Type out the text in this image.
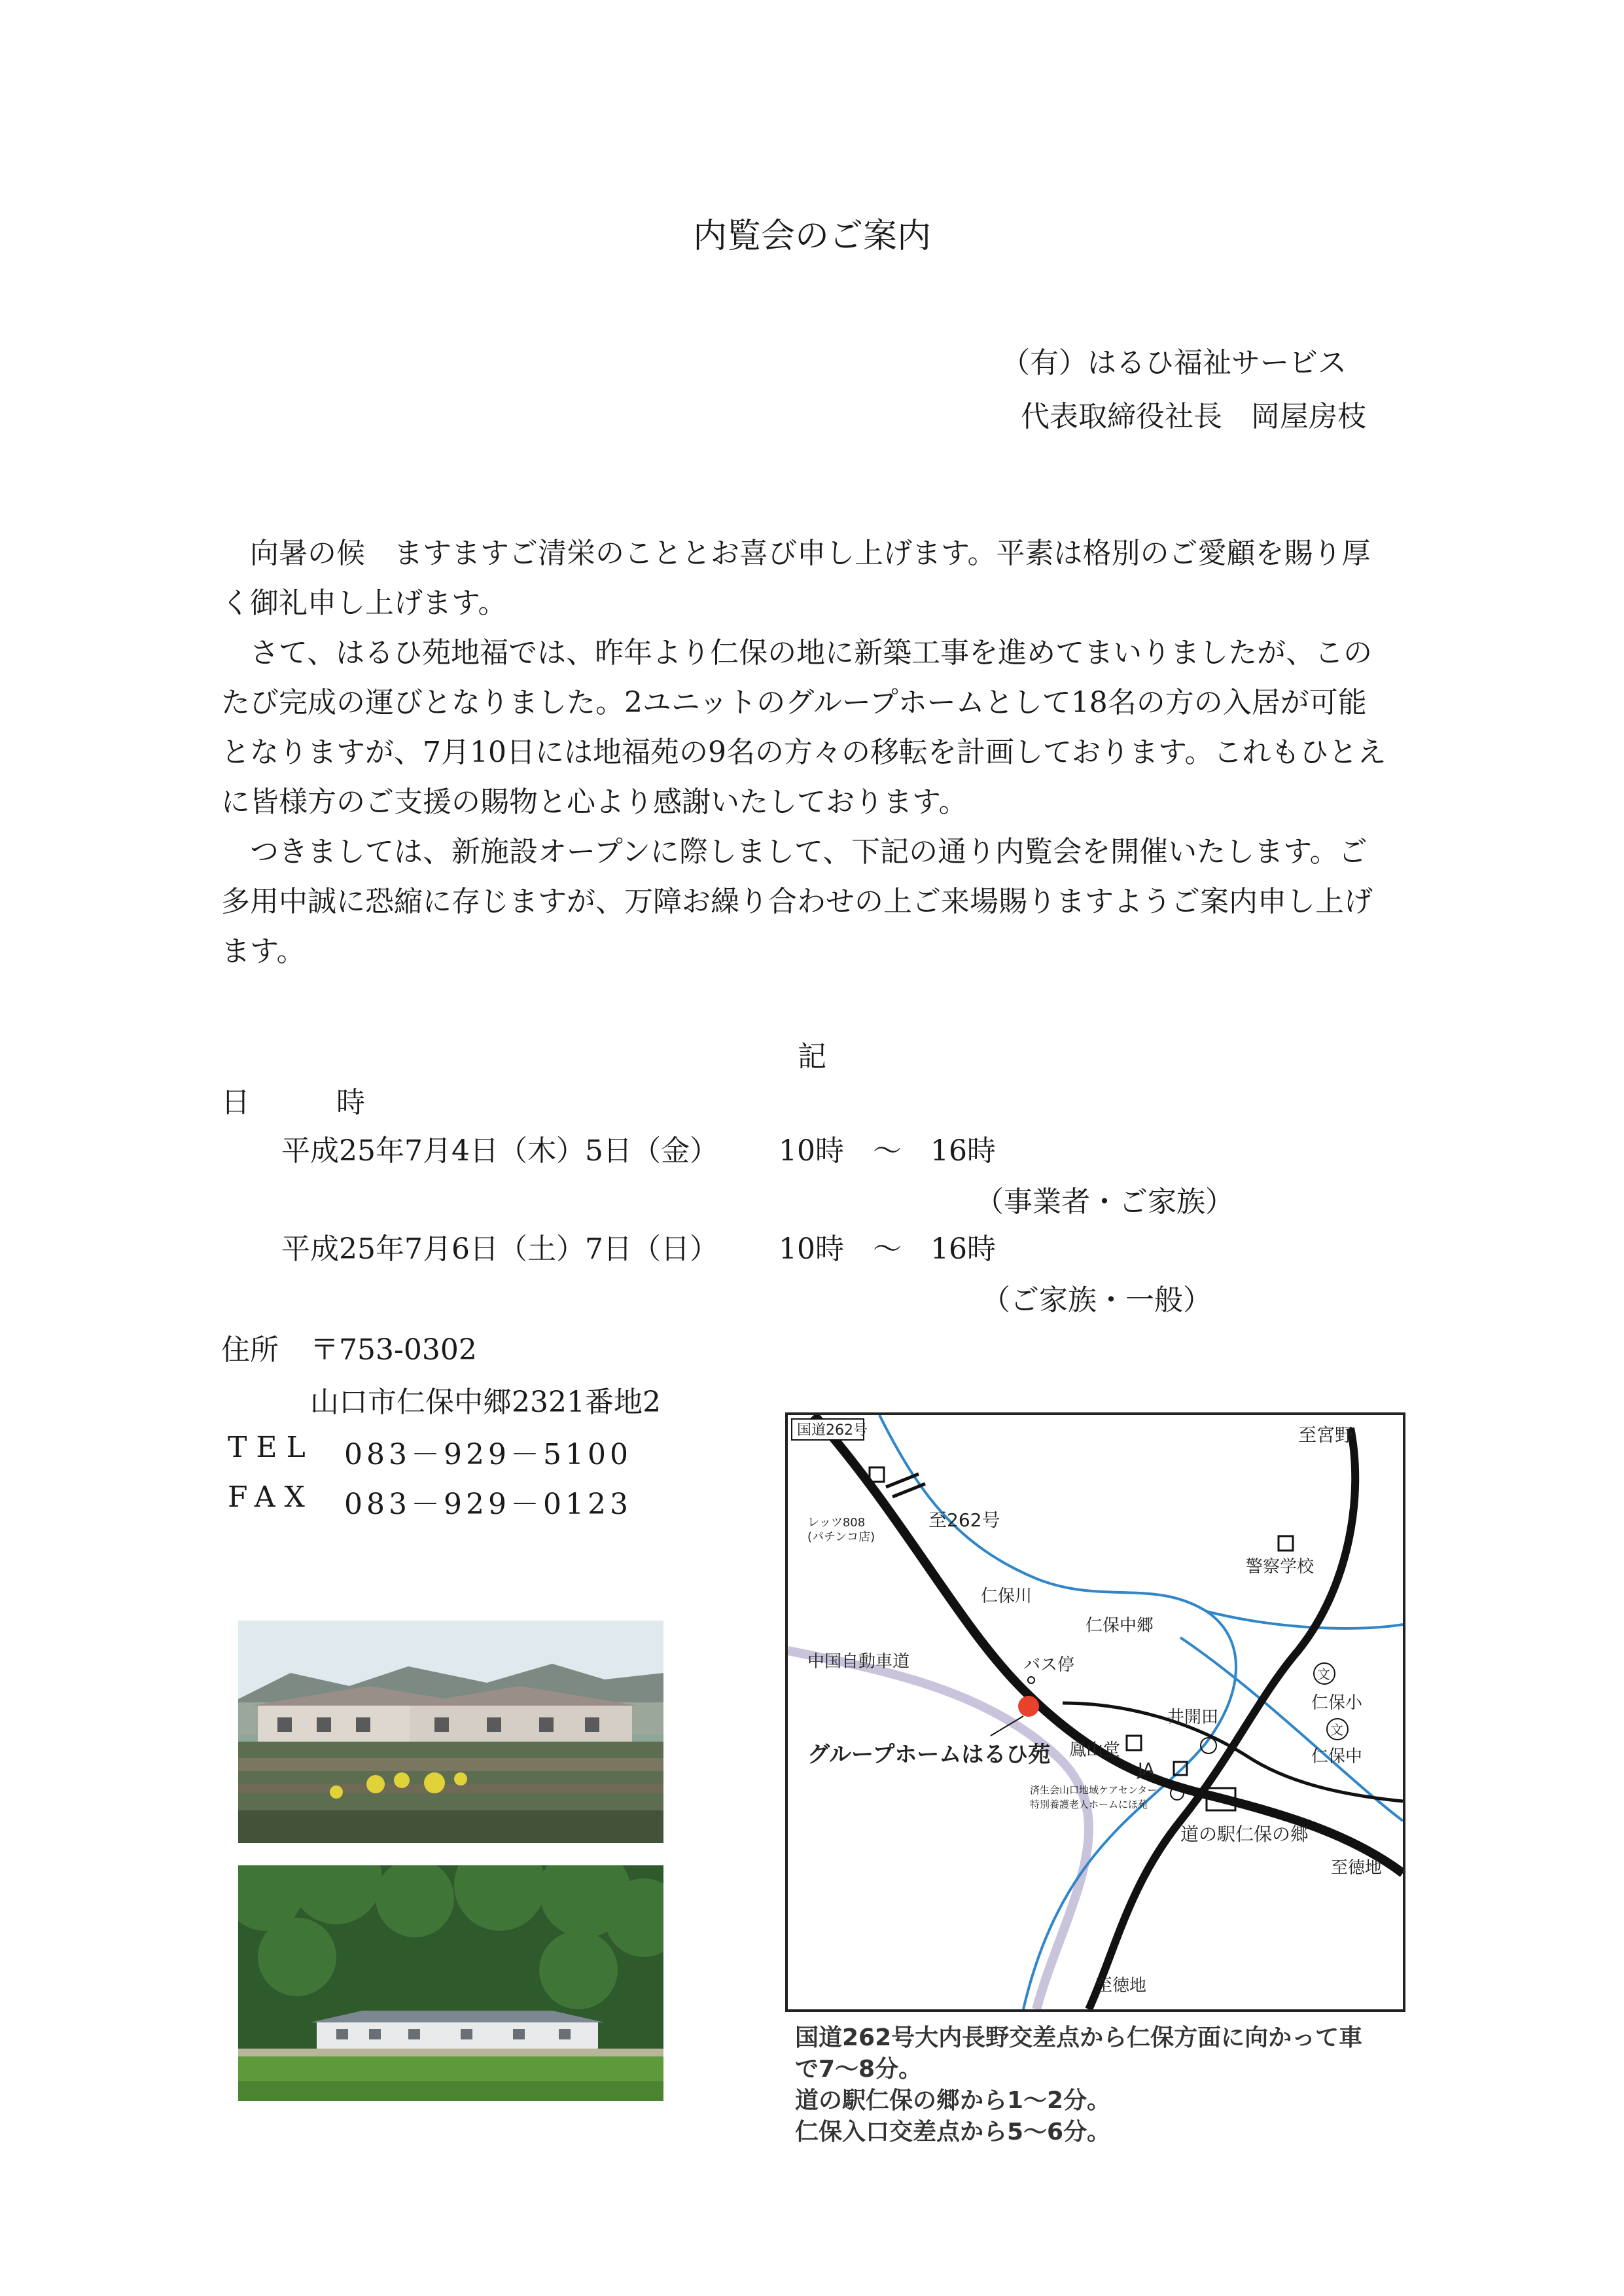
内覧会のご案内
（有）はるひ福祉サービス
代表取締役社長　岡屋房枝

向暑の候　ますますご清栄のこととお喜び申し上げます。平素は格別のご愛顧を賜り厚く御礼申し上げます。

さて、はるひ苑地福では、昨年より仁保の地に新築工事を進めてまいりましたが、このたび完成の運びとなりました。2ユニットのグループホームとして18名の方の入居が可能となりますが、7月10日には地福苑の9名の方々の移転を計画しております。これもひとえに皆様方のご支援の賜物と心より感謝いたしております。

つきましては、新施設オープンに際しまして、下記の通り内覧会を開催いたします。ご多用中誠に恐縮に存じますが、万障お繰り合わせの上ご来場賜りますようご案内申し上げます。

記
日　　　時
平成25年7月4日（木）5日（金） 10時　～　16時
（事業者・ご家族）
平成25年7月6日（土）7日（日） 10時　～　16時
（ご家族・一般）
住所 〒753-0302
山口市仁保中郷2321番地2
TEL 083－929－5100
FAX 083－929－0123
国道262号	至宮野
レッツ808
(パチンコ店)
至262号
警察学校
仁保川
仁保中郷
中国自動車道	バス停	文
仁保小
文
仁保中
グループホームはるひ苑
井開田
鳳山堂
JA
済生会山口地域ケアセンター
特別養護老人ホームにほ苑
道の駅仁保の郷
至徳地
至徳地
国道262号大内長野交差点から仁保方面に向かって車
で7～8分。
道の駅仁保の郷から1～2分。
仁保入口交差点から5～6分。
